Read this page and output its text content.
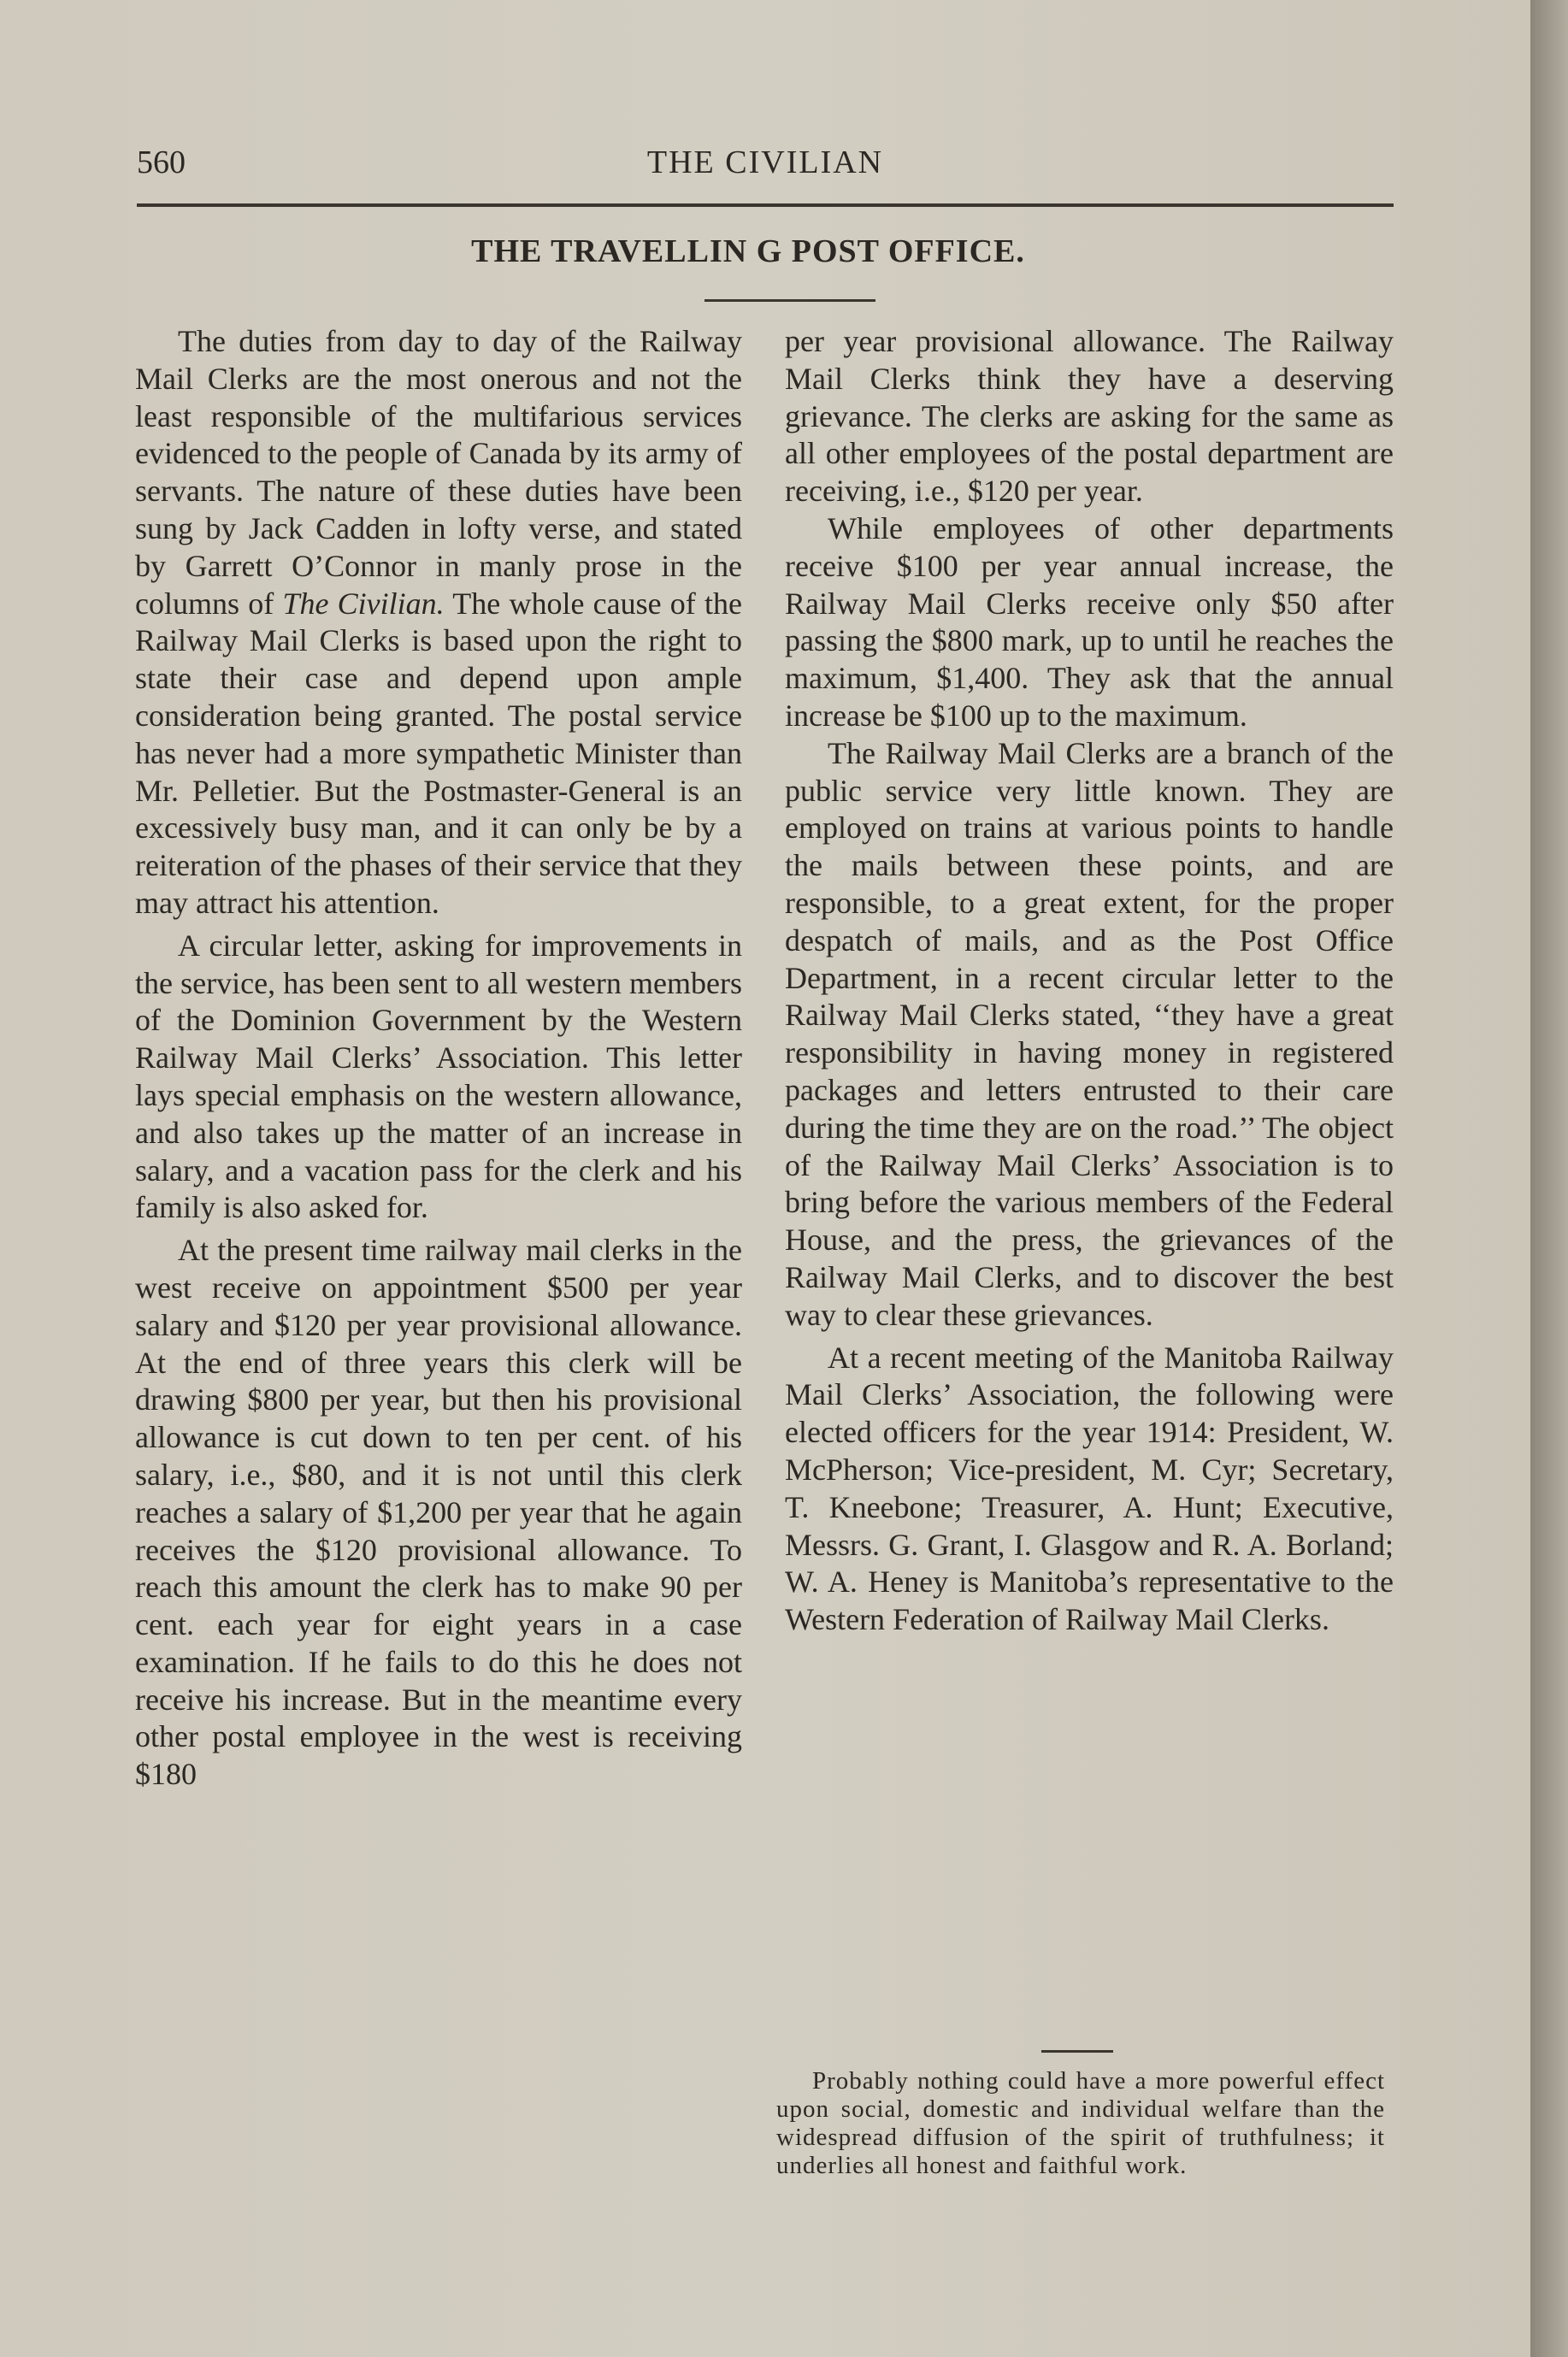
560	THE CIVILIAN
THE TRAVELLIN G POST OFFICE.

The duties from day to day of the Railway Mail Clerks are the most onerous and not the least responsible of the multifarious services evidenced to the people of Canada by its army of servants. The nature of these duties have been sung by Jack Cadden in lofty verse, and stated by Garrett O’Connor in manly prose in the columns of The Civilian. The whole cause of the Railway Mail Clerks is based upon the right to state their case and depend upon ample consideration being granted. The postal service has never had a more sympathetic Minister than Mr. Pelletier. But the Postmaster-General is an excessively busy man, and it can only be by a reiteration of the phases of their service that they may attract his attention.

A circular letter, asking for improvements in the service, has been sent to all western members of the Dominion Government by the Western Railway Mail Clerks’ Association. This letter lays special emphasis on the western allowance, and also takes up the matter of an increase in salary, and a vacation pass for the clerk and his family is also asked for.

At the present time railway mail clerks in the west receive on appointment $500 per year salary and $120 per year provisional allowance. At the end of three years this clerk will be drawing $800 per year, but then his provisional allowance is cut down to ten per cent. of his salary, i.e., $80, and it is not until this clerk reaches a salary of $1,200 per year that he again receives the $120 provisional allowance. To reach this amount the clerk has to make 90 per cent. each year for eight years in a case examination. If he fails to do this he does not receive his increase. But in the meantime every other postal employee in the west is receiving $180

per year provisional allowance. The Railway Mail Clerks think they have a deserving grievance. The clerks are asking for the same as all other employees of the postal department are receiving, i.e., $120 per year.

While employees of other departments receive $100 per year annual increase, the Railway Mail Clerks receive only $50 after passing the $800 mark, up to until he reaches the maximum, $1,400. They ask that the annual increase be $100 up to the maximum.

The Railway Mail Clerks are a branch of the public service very little known. They are employed on trains at various points to handle the mails between these points, and are responsible, to a great extent, for the proper despatch of mails, and as the Post Office Department, in a recent circular letter to the Railway Mail Clerks stated, ‘‘they have a great responsibility in having money in registered packages and letters entrusted to their care during the time they are on the road.’’ The object of the Railway Mail Clerks’ Association is to bring before the various members of the Federal House, and the press, the grievances of the Railway Mail Clerks, and to discover the best way to clear these grievances.

At a recent meeting of the Manitoba Railway Mail Clerks’ Association, the following were elected officers for the year 1914: President, W. McPherson; Vice-president, M. Cyr; Secretary, T. Kneebone; Treasurer, A. Hunt; Executive, Messrs. G. Grant, I. Glasgow and R. A. Borland; W. A. Heney is Manitoba’s representative to the Western Federation of Railway Mail Clerks.

Probably nothing could have a more powerful effect upon social, domestic and individual welfare than the widespread diffusion of the spirit of truthfulness; it underlies all honest and faithful work.
